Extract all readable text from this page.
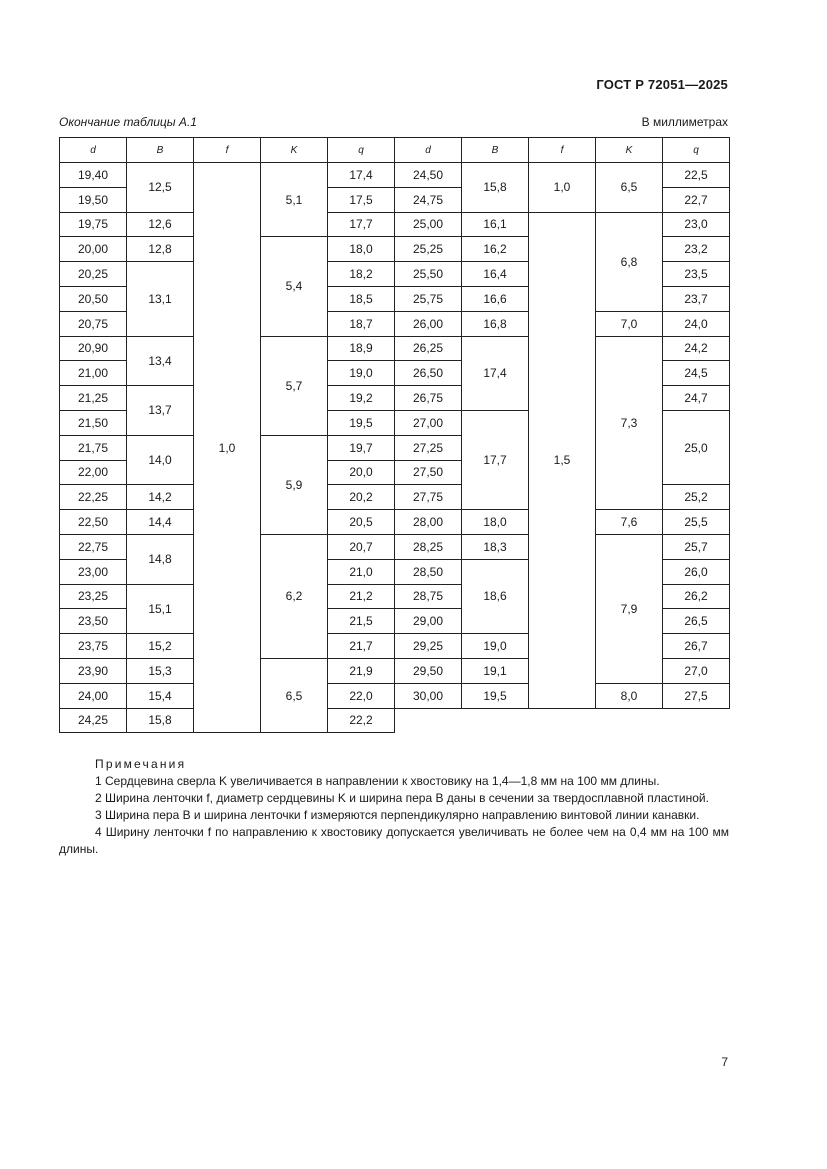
ГОСТ Р 72051—2025
Окончание таблицы А.1	В миллиметрах
d	B	f	K	q	d	B	f	K	q
19,40	12,5	1,0	5,1	17,4	24,50	15,8	1,0	6,5	22,5
19,50				17,5	24,75				22,7
19,75	12,6			17,7	25,00	16,1	1,5	6,8	23,0
20,00	12,8		5,4	18,0	25,25	16,2			23,2
20,25	13,1			18,2	25,50	16,4			23,5
20,50				18,5	25,75	16,6			23,7
20,75				18,7	26,00	16,8		7,0	24,0
20,90	13,4		5,7	18,9	26,25	17,4		7,3	24,2
21,00				19,0	26,50				24,5
21,25	13,7			19,2	26,75				24,7
21,50				19,5	27,00	17,7			25,0
21,75	14,0		5,9	19,7	27,25				
22,00				20,0	27,50				
22,25	14,2			20,2	27,75				25,2
22,50	14,4			20,5	28,00	18,0		7,6	25,5
22,75	14,8		6,2	20,7	28,25	18,3		7,9	25,7
23,00				21,0	28,50	18,6			26,0
23,25	15,1			21,2	28,75				26,2
23,50				21,5	29,00				26,5
23,75	15,2			21,7	29,25	19,0			26,7
23,90	15,3		6,5	21,9	29,50	19,1			27,0
24,00	15,4			22,0	30,00	19,5		8,0	27,5
24,25	15,8			22,2					
Примечания
1 Сердцевина сверла K увеличивается в направлении к хвостовику на 1,4—1,8 мм на 100 мм длины.
2 Ширина ленточки f, диаметр сердцевины K и ширина пера B даны в сечении за твердосплавной пластиной.
3 Ширина пера B и ширина ленточки f измеряются перпендикулярно направлению винтовой линии канавки.
4 Ширину ленточки f по направлению к хвостовику допускается увеличивать не более чем на 0,4 мм на 100 мм длины.
7
